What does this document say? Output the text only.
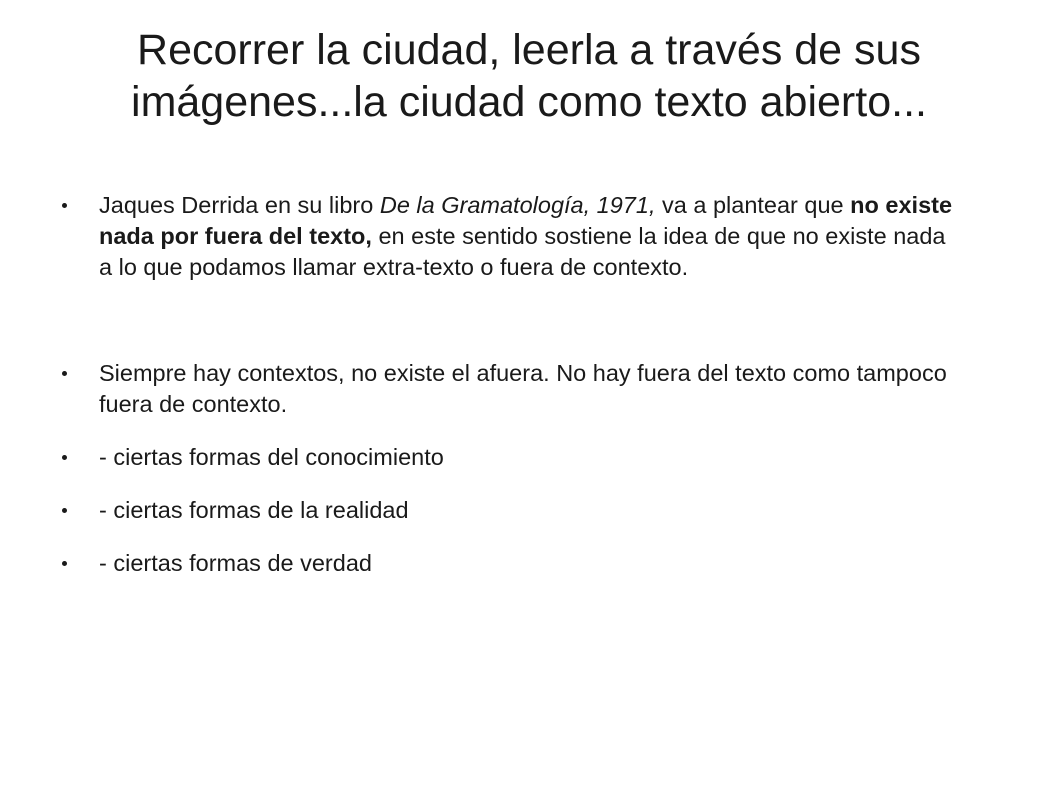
Recorrer la ciudad, leerla a través de sus imágenes...la ciudad como texto abierto...
Jaques Derrida en su libro De la Gramatología, 1971, va a plantear que no existe nada por fuera del texto, en este sentido sostiene la idea de que no existe nada a lo que podamos llamar extra-texto o fuera de contexto.
Siempre hay contextos, no existe el afuera. No hay fuera del texto como tampoco fuera de contexto.
- ciertas formas del conocimiento
- ciertas formas de la realidad
- ciertas formas de verdad
